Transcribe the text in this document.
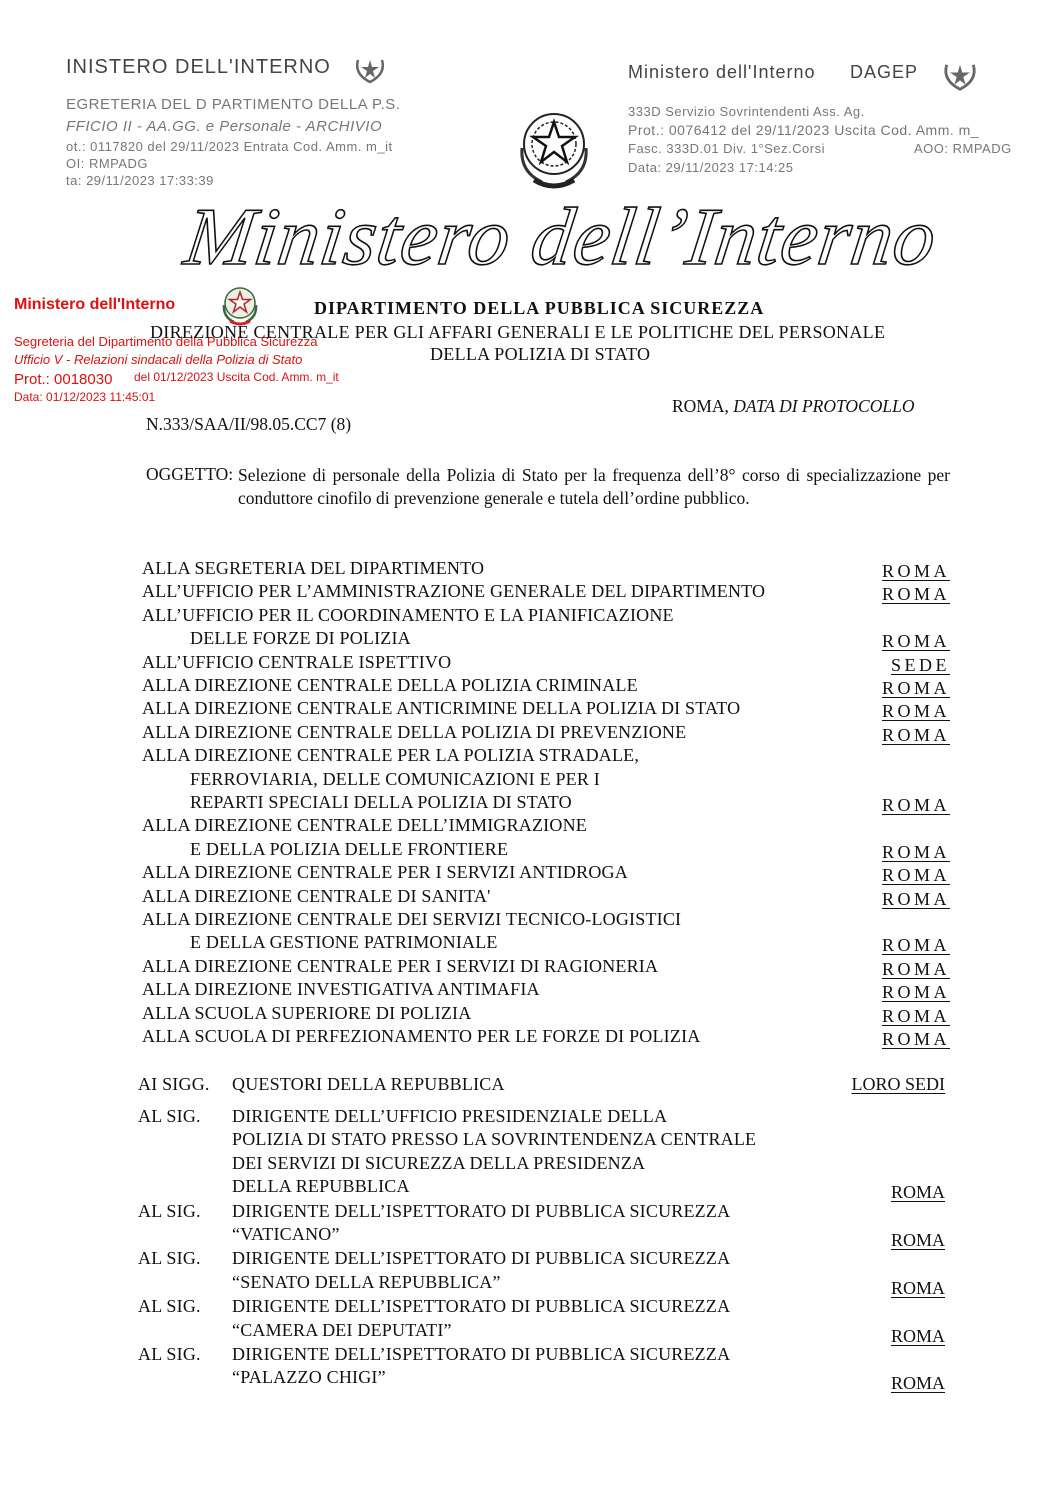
INISTERO DELL'INTERNO
EGRETERIA DEL D PARTIMENTO DELLA P.S.
FFICIO II - AA.GG. e Personale - ARCHIVIO
ot.: 0117820 del 29/11/2023 Entrata Cod. Amm. m_it
OI: RMPADG
ta: 29/11/2023 17:33:39
Ministero dell'Interno DAGEP
333D Servizio Sovrintendenti Ass. Ag.
Prot.: 0076412 del 29/11/2023 Uscita Cod. Amm. m_
Fasc. 333D.01 Div. 1°Sez.Corsi	AOO: RMPADG
Data: 29/11/2023 17:14:25
Ministero dell’Interno
Ministero dell'Interno
Segreteria del Dipartimento della Pubblica Sicurezza
Ufficio V - Relazioni sindacali della Polizia di Stato
Prot.: 0018030 del 01/12/2023 Uscita Cod. Amm. m_it
Data: 01/12/2023 11:45:01
DIPARTIMENTO DELLA PUBBLICA SICUREZZA
DIREZIONE CENTRALE PER GLI AFFARI GENERALI E LE POLITICHE DEL PERSONALE
DELLA POLIZIA DI STATO
ROMA, DATA DI PROTOCOLLO
N.333/SAA/II/98.05.CC7 (8)
OGGETTO: Selezione di personale della Polizia di Stato per la frequenza dell’8° corso di specializzazione per conduttore cinofilo di prevenzione generale e tutela dell’ordine pubblico.
ALLA SEGRETERIA DEL DIPARTIMENTO	ROMA
ALL’UFFICIO PER L’AMMINISTRAZIONE GENERALE DEL DIPARTIMENTO	ROMA
ALL’UFFICIO PER IL COORDINAMENTO E LA PIANIFICAZIONE
DELLE FORZE DI POLIZIA	ROMA
ALL’UFFICIO CENTRALE ISPETTIVO	SEDE
ALLA DIREZIONE CENTRALE DELLA POLIZIA CRIMINALE	ROMA
ALLA DIREZIONE CENTRALE ANTICRIMINE DELLA POLIZIA DI STATO	ROMA
ALLA DIREZIONE CENTRALE DELLA POLIZIA DI PREVENZIONE	ROMA
ALLA DIREZIONE CENTRALE PER LA POLIZIA STRADALE,
FERROVIARIA, DELLE COMUNICAZIONI E PER I
REPARTI SPECIALI DELLA POLIZIA DI STATO	ROMA
ALLA DIREZIONE CENTRALE DELL’IMMIGRAZIONE
E DELLA POLIZIA DELLE FRONTIERE	ROMA
ALLA DIREZIONE CENTRALE PER I SERVIZI ANTIDROGA	ROMA
ALLA DIREZIONE CENTRALE DI SANITA'	ROMA
ALLA DIREZIONE CENTRALE DEI SERVIZI TECNICO-LOGISTICI
E DELLA GESTIONE PATRIMONIALE	ROMA
ALLA DIREZIONE CENTRALE PER I SERVIZI DI RAGIONERIA	ROMA
ALLA DIREZIONE INVESTIGATIVA ANTIMAFIA	ROMA
ALLA SCUOLA SUPERIORE DI POLIZIA	ROMA
ALLA SCUOLA DI PERFEZIONAMENTO PER LE FORZE DI POLIZIA	ROMA
AI SIGG. QUESTORI DELLA REPUBBLICA	LORO SEDI
AL SIG. DIRIGENTE DELL’UFFICIO PRESIDENZIALE DELLA
POLIZIA DI STATO PRESSO LA SOVRINTENDENZA CENTRALE
DEI SERVIZI DI SICUREZZA DELLA PRESIDENZA
DELLA REPUBBLICA	ROMA
AL SIG. DIRIGENTE DELL’ISPETTORATO DI PUBBLICA SICUREZZA
“VATICANO”	ROMA
AL SIG. DIRIGENTE DELL’ISPETTORATO DI PUBBLICA SICUREZZA
“SENATO DELLA REPUBBLICA”	ROMA
AL SIG. DIRIGENTE DELL’ISPETTORATO DI PUBBLICA SICUREZZA
“CAMERA DEI DEPUTATI”	ROMA
AL SIG. DIRIGENTE DELL’ISPETTORATO DI PUBBLICA SICUREZZA
“PALAZZO CHIGI”	ROMA
